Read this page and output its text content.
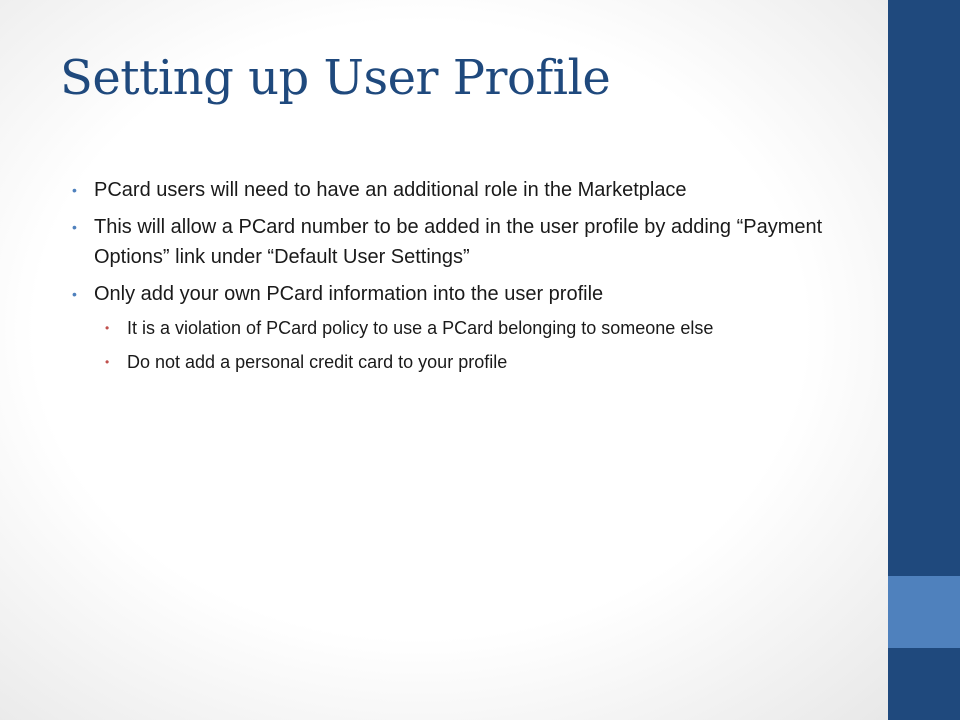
Setting up User Profile
• PCard users will need to have an additional role in the Marketplace
• This will allow a PCard number to be added in the user profile by adding “Payment Options” link under “Default User Settings”
• Only add your own PCard information into the user profile
• It is a violation of PCard policy to use a PCard belonging to someone else
• Do not add a personal credit card to your profile
